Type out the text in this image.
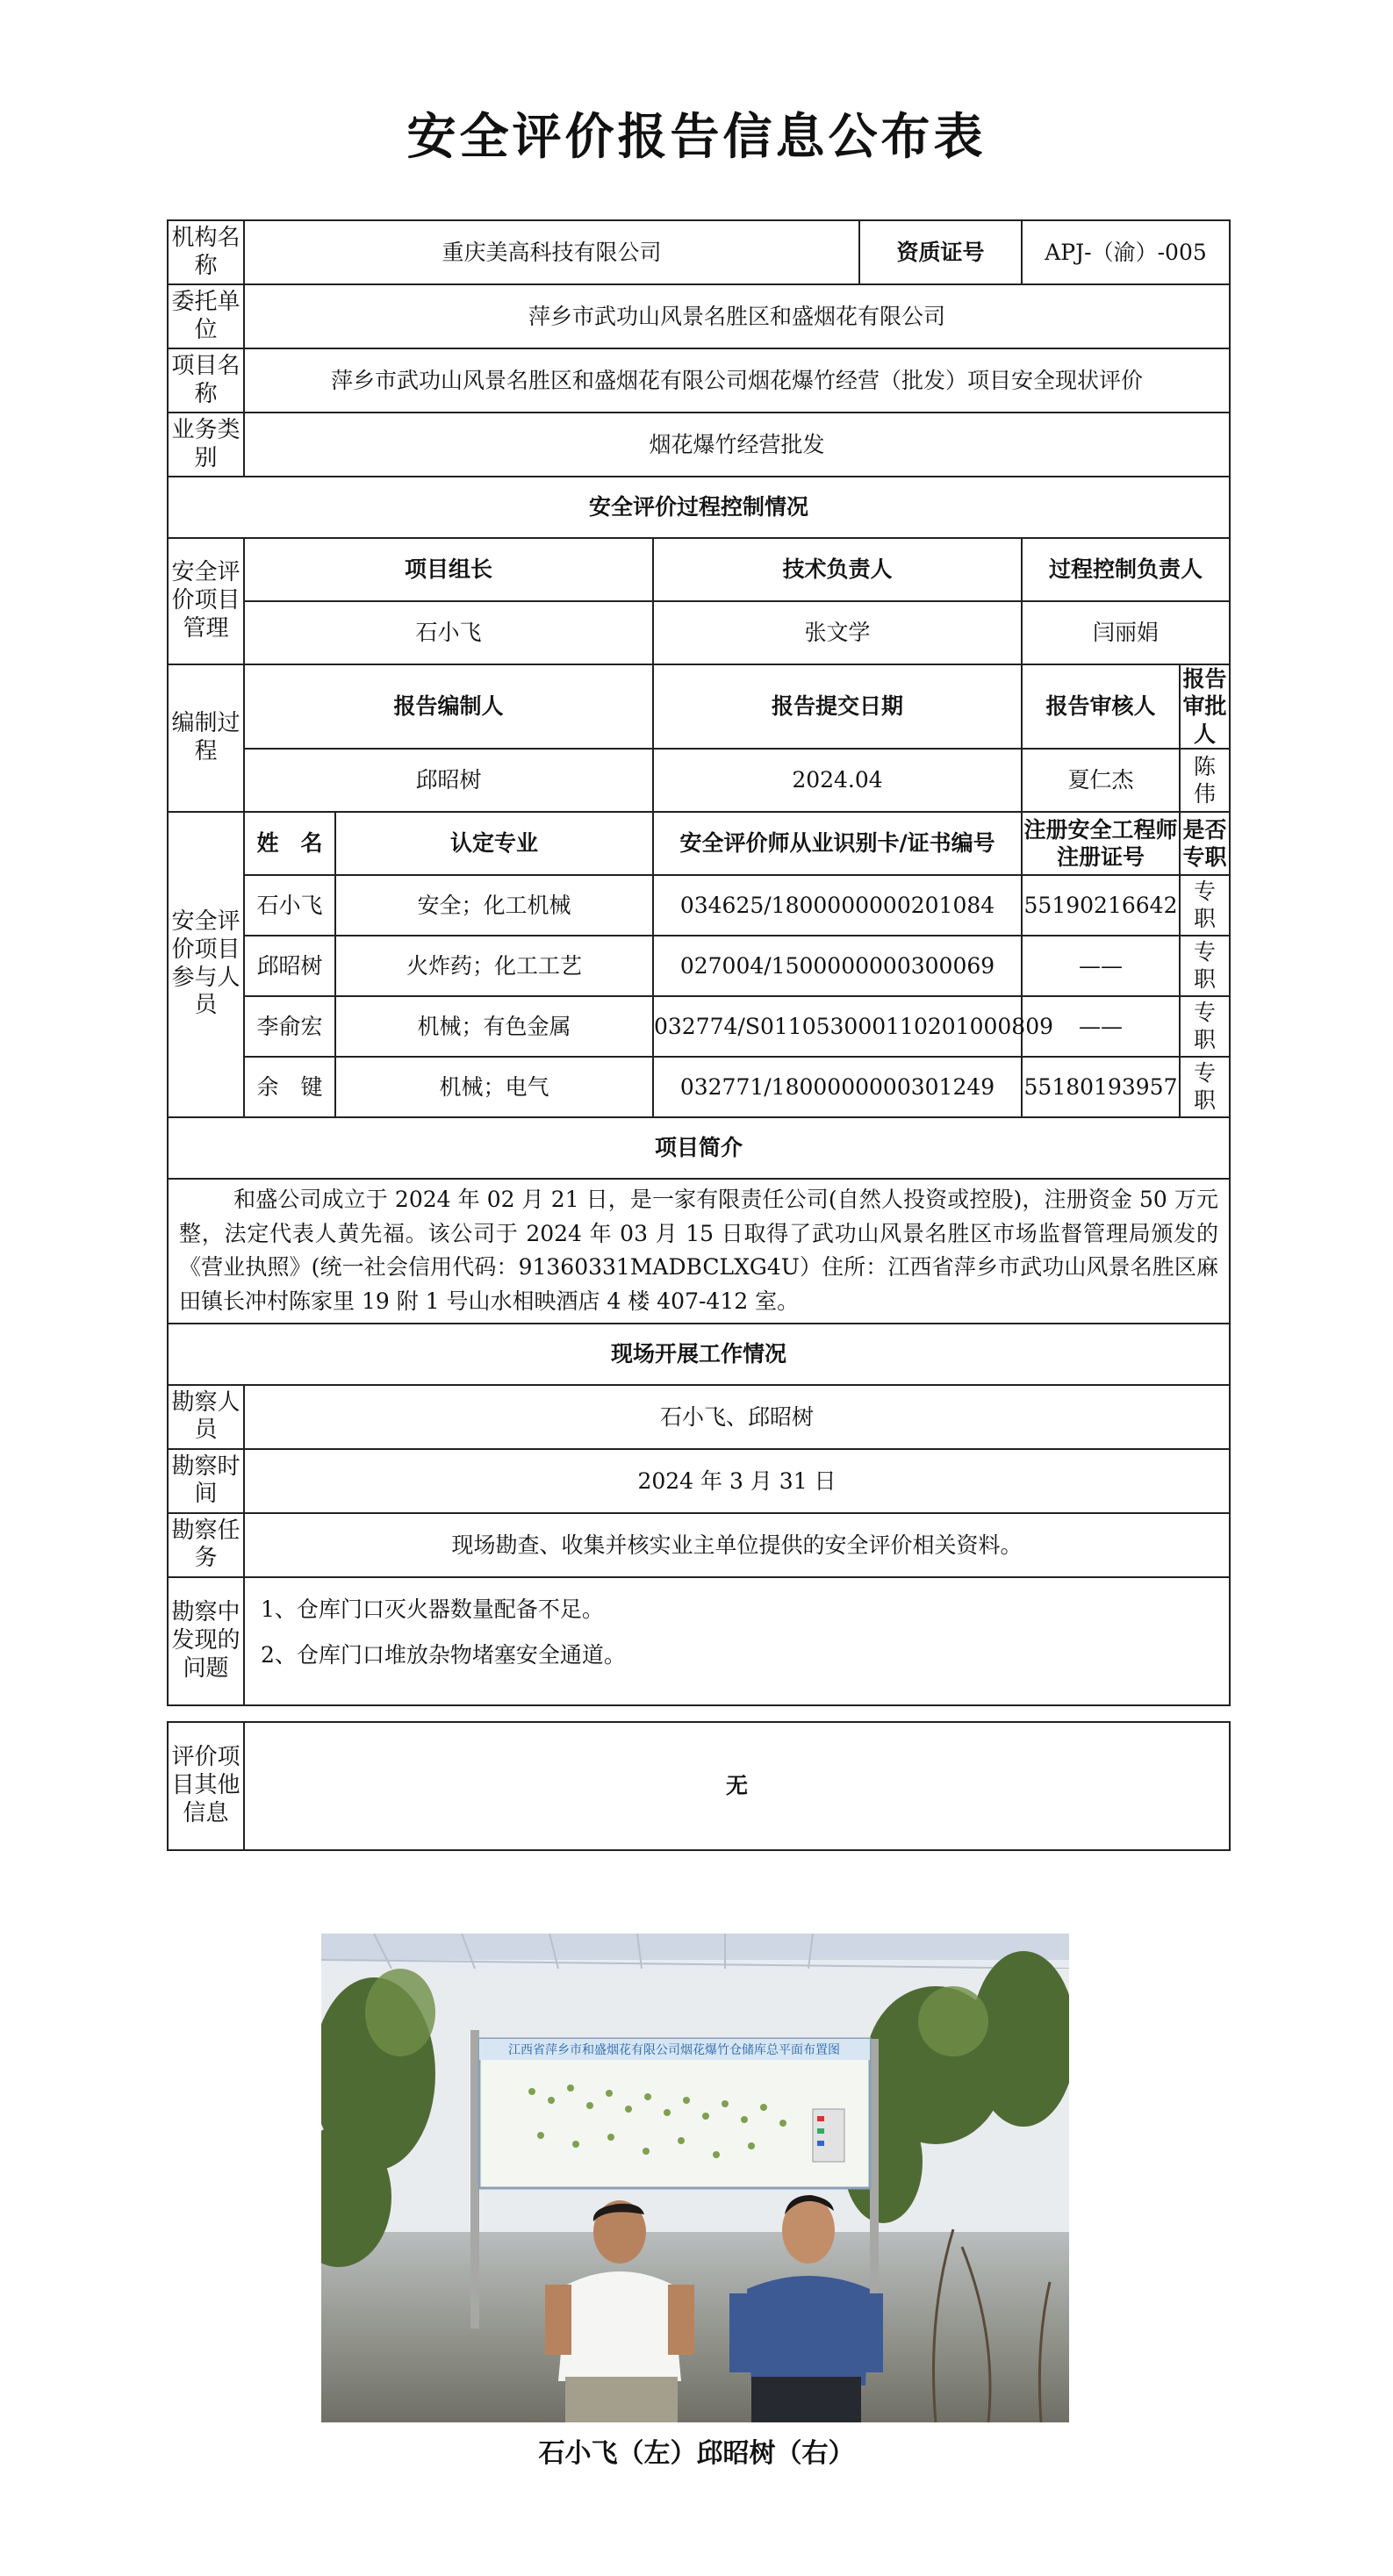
安全评价报告信息公布表
机构名称	重庆美高科技有限公司			资质证号	APJ-（渝）-005	
委托单位	萍乡市武功山风景名胜区和盛烟花有限公司					
项目名称	萍乡市武功山风景名胜区和盛烟花有限公司烟花爆竹经营（批发）项目安全现状评价					
业务类别	烟花爆竹经营批发					
安全评价过程控制情况						
安全评价项目管理	项目组长		技术负责人		过程控制负责人	
	石小飞		张文学		闫丽娟	
编制过程	报告编制人		报告提交日期		报告审核人	报告审批人
	邱昭树		2024.04		夏仁杰	陈　伟
安全评价项目参与人员	姓　名	认定专业	安全评价师从业识别卡/证书编号		注册安全工程师注册证号	是否专职
	石小飞	安全；化工机械	034625/1800000000201084		55190216642	专　职
	邱昭树	火炸药；化工工艺	027004/1500000000300069		——	专　职
	李俞宏	机械；有色金属	032774/S011053000110201000809		——	专　职
	余　键	机械；电气	032771/1800000000301249		55180193957	专　职
项目简介						

和盛公司成立于 2024 年 02 月 21 日，是一家有限责任公司(自然人投资或控股)，注册资金 50 万元整，法定代表人黄先福。该公司于 2024 年 03 月 15 日取得了武功山风景名胜区市场监督管理局颁发的《营业执照》(统一社会信用代码：91360331MADBCLXG4U）住所：江西省萍乡市武功山风景名胜区麻田镇长冲村陈家里 19 附 1 号山水相映酒店 4 楼 407-412 室。						

现场开展工作情况						
勘察人员	石小飞、邱昭树					
勘察时间	2024 年 3 月 31 日					
勘察任务	现场勘查、收集并核实业主单位提供的安全评价相关资料。					
勘察中发现的问题	1、仓库门口灭火器数量配备不足。
2、仓库门口堆放杂物堵塞安全通道。					
评价项目其他信息	无
江西省萍乡市和盛烟花有限公司烟花爆竹仓储库总平面布置图
石小飞（左）邱昭树（右）
